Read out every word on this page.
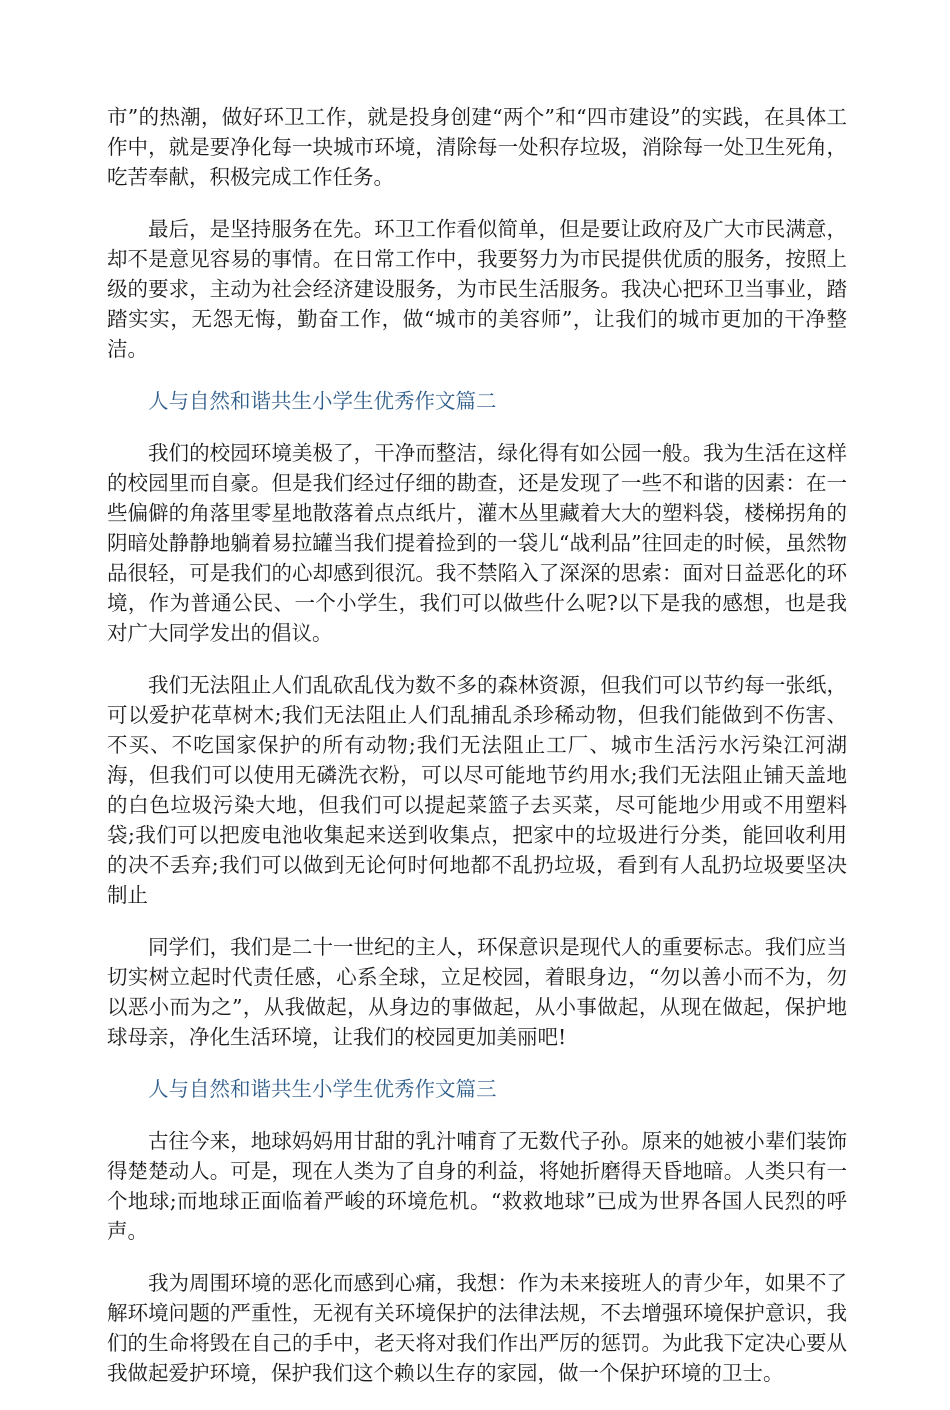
市”的热潮，做好环卫工作，就是投身创建“两个”和“四市建设”的实践，在具体工作中，就是要净化每一块城市环境，清除每一处积存垃圾，消除每一处卫生死角，吃苦奉献，积极完成工作任务。

最后，是坚持服务在先。环卫工作看似简单，但是要让政府及广大市民满意，却不是意见容易的事情。在日常工作中，我要努力为市民提供优质的服务，按照上级的要求，主动为社会经济建设服务，为市民生活服务。我决心把环卫当事业，踏踏实实，无怨无悔，勤奋工作，做“城市的美容师”，让我们的城市更加的干净整洁。

人与自然和谐共生小学生优秀作文篇二

我们的校园环境美极了，干净而整洁，绿化得有如公园一般。我为生活在这样的校园里而自豪。但是我们经过仔细的勘查，还是发现了一些不和谐的因素：在一些偏僻的角落里零星地散落着点点纸片，灌木丛里藏着大大的塑料袋，楼梯拐角的阴暗处静静地躺着易拉罐当我们提着捡到的一袋儿“战利品”往回走的时候，虽然物品很轻，可是我们的心却感到很沉。我不禁陷入了深深的思索：面对日益恶化的环境，作为普通公民、一个小学生，我们可以做些什么呢?以下是我的感想，也是我对广大同学发出的倡议。

我们无法阻止人们乱砍乱伐为数不多的森林资源，但我们可以节约每一张纸，可以爱护花草树木;我们无法阻止人们乱捕乱杀珍稀动物，但我们能做到不伤害、不买、不吃国家保护的所有动物;我们无法阻止工厂、城市生活污水污染江河湖海，但我们可以使用无磷洗衣粉，可以尽可能地节约用水;我们无法阻止铺天盖地的白色垃圾污染大地，但我们可以提起菜篮子去买菜，尽可能地少用或不用塑料袋;我们可以把废电池收集起来送到收集点，把家中的垃圾进行分类，能回收利用的决不丢弃;我们可以做到无论何时何地都不乱扔垃圾，看到有人乱扔垃圾要坚决制止

同学们，我们是二十一世纪的主人，环保意识是现代人的重要标志。我们应当切实树立起时代责任感，心系全球，立足校园，着眼身边，“勿以善小而不为，勿以恶小而为之”，从我做起，从身边的事做起，从小事做起，从现在做起，保护地球母亲，净化生活环境，让我们的校园更加美丽吧!

人与自然和谐共生小学生优秀作文篇三

古往今来，地球妈妈用甘甜的乳汁哺育了无数代子孙。原来的她被小辈们装饰得楚楚动人。可是，现在人类为了自身的利益，将她折磨得天昏地暗。人类只有一个地球;而地球正面临着严峻的环境危机。“救救地球”已成为世界各国人民烈的呼声。

我为周围环境的恶化而感到心痛，我想：作为未来接班人的青少年，如果不了解环境问题的严重性，无视有关环境保护的法律法规，不去增强环境保护意识，我们的生命将毁在自己的手中，老天将对我们作出严厉的惩罚。为此我下定决心要从我做起爱护环境，保护我们这个赖以生存的家园，做一个保护环境的卫士。
